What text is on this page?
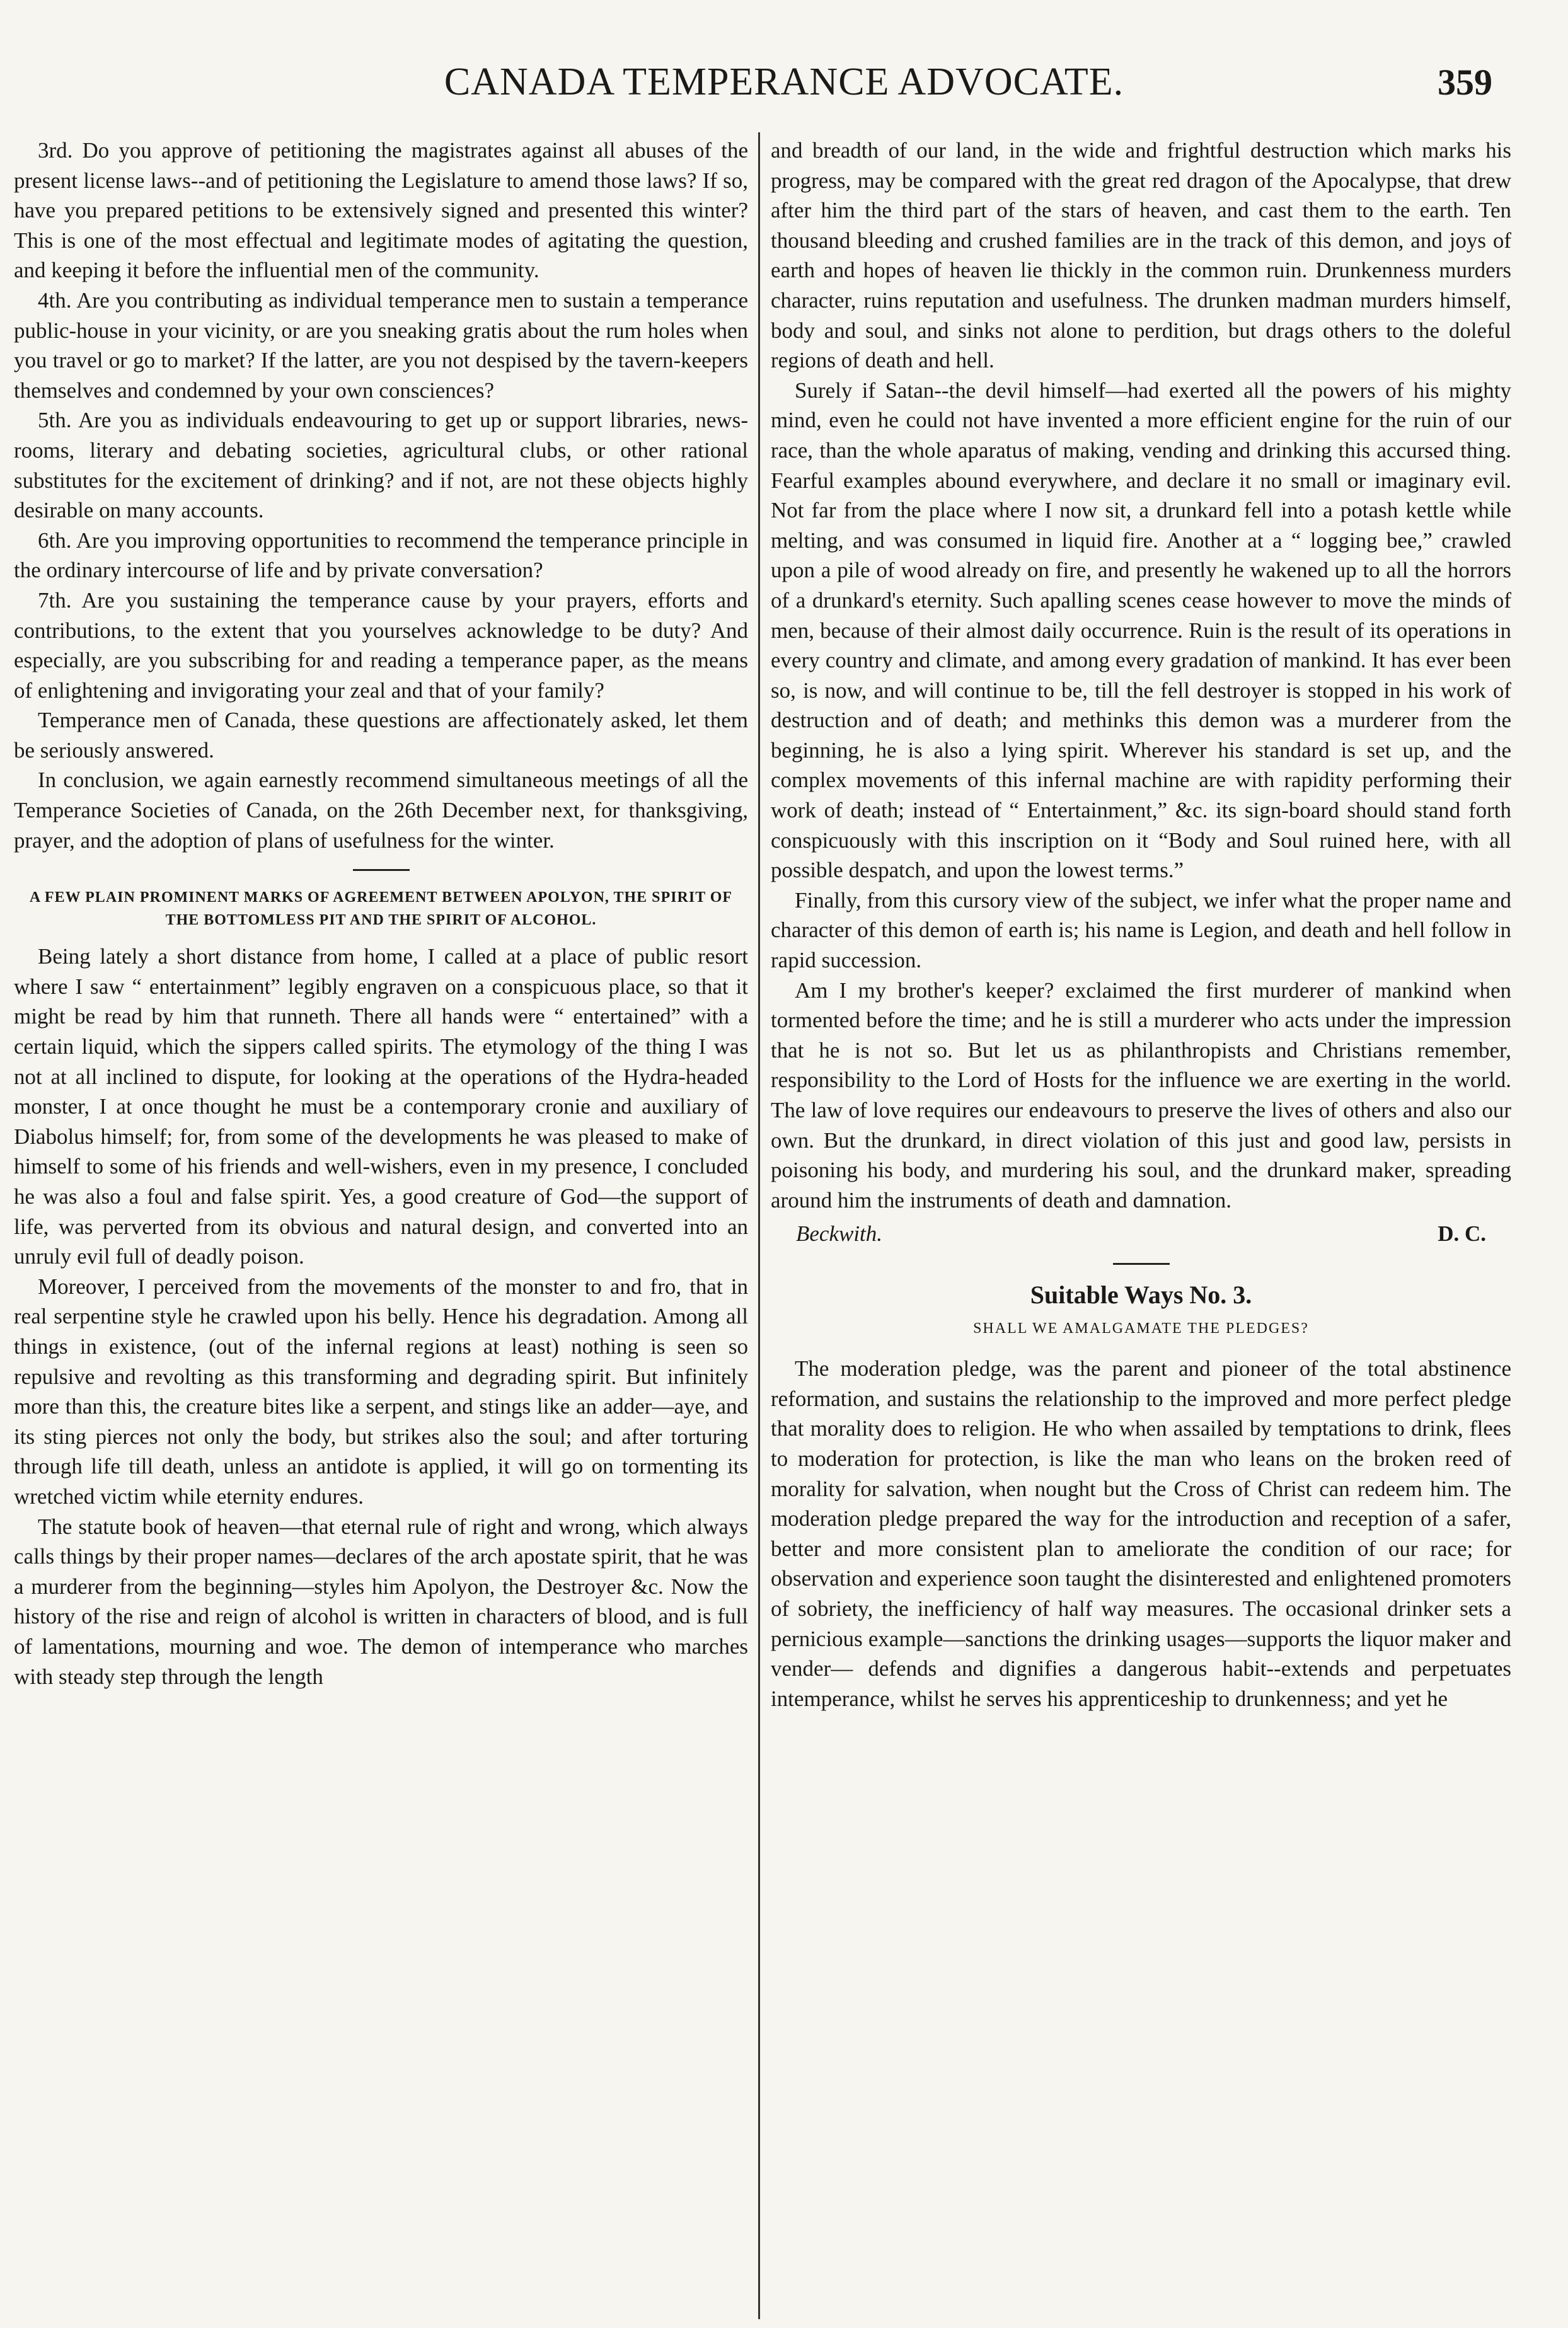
CANADA TEMPERANCE ADVOCATE.	359

3rd. Do you approve of petitioning the magistrates against all abuses of the present license laws--and of petitioning the Legislature to amend those laws? If so, have you prepared petitions to be extensively signed and presented this winter? This is one of the most effectual and legitimate modes of agitating the question, and keeping it before the influential men of the community.

4th. Are you contributing as individual temperance men to sustain a temperance public-house in your vicinity, or are you sneaking gratis about the rum holes when you travel or go to market? If the latter, are you not despised by the tavern-keepers themselves and condemned by your own consciences?

5th. Are you as individuals endeavouring to get up or support libraries, news-rooms, literary and debating societies, agricultural clubs, or other rational substitutes for the excitement of drinking? and if not, are not these objects highly desirable on many accounts.

6th. Are you improving opportunities to recommend the temperance principle in the ordinary intercourse of life and by private conversation?

7th. Are you sustaining the temperance cause by your prayers, efforts and contributions, to the extent that you yourselves acknowledge to be duty? And especially, are you subscribing for and reading a temperance paper, as the means of enlightening and invigorating your zeal and that of your family?

Temperance men of Canada, these questions are affectionately asked, let them be seriously answered.

In conclusion, we again earnestly recommend simultaneous meetings of all the Temperance Societies of Canada, on the 26th December next, for thanksgiving, prayer, and the adoption of plans of usefulness for the winter.

A FEW PLAIN PROMINENT MARKS OF AGREEMENT BETWEEN APOLYON, THE SPIRIT OF THE BOTTOMLESS PIT AND THE SPIRIT OF ALCOHOL.

Being lately a short distance from home, I called at a place of public resort where I saw “ entertainment” legibly engraven on a conspicuous place, so that it might be read by him that runneth. There all hands were “ entertained” with a certain liquid, which the sippers called spirits. The etymology of the thing I was not at all inclined to dispute, for looking at the operations of the Hydra-headed monster, I at once thought he must be a contemporary cronie and auxiliary of Diabolus himself; for, from some of the developments he was pleased to make of himself to some of his friends and well-wishers, even in my presence, I concluded he was also a foul and false spirit. Yes, a good creature of God—the support of life, was perverted from its obvious and natural design, and converted into an unruly evil full of deadly poison.

Moreover, I perceived from the movements of the monster to and fro, that in real serpentine style he crawled upon his belly. Hence his degradation. Among all things in existence, (out of the infernal regions at least) nothing is seen so repulsive and revolting as this transforming and degrading spirit. But infinitely more than this, the creature bites like a serpent, and stings like an adder—aye, and its sting pierces not only the body, but strikes also the soul; and after torturing through life till death, unless an antidote is applied, it will go on tormenting its wretched victim while eternity endures.

The statute book of heaven—that eternal rule of right and wrong, which always calls things by their proper names—declares of the arch apostate spirit, that he was a murderer from the beginning—styles him Apolyon, the Destroyer &c. Now the history of the rise and reign of alcohol is written in characters of blood, and is full of lamentations, mourning and woe. The demon of intemperance who marches with steady step through the length

and breadth of our land, in the wide and frightful destruction which marks his progress, may be compared with the great red dragon of the Apocalypse, that drew after him the third part of the stars of heaven, and cast them to the earth. Ten thousand bleeding and crushed families are in the track of this demon, and joys of earth and hopes of heaven lie thickly in the common ruin. Drunkenness murders character, ruins reputation and usefulness. The drunken madman murders himself, body and soul, and sinks not alone to perdition, but drags others to the doleful regions of death and hell.

Surely if Satan--the devil himself—had exerted all the powers of his mighty mind, even he could not have invented a more efficient engine for the ruin of our race, than the whole aparatus of making, vending and drinking this accursed thing. Fearful examples abound everywhere, and declare it no small or imaginary evil. Not far from the place where I now sit, a drunkard fell into a potash kettle while melting, and was consumed in liquid fire. Another at a “ logging bee,” crawled upon a pile of wood already on fire, and presently he wakened up to all the horrors of a drunkard's eternity. Such apalling scenes cease however to move the minds of men, because of their almost daily occurrence. Ruin is the result of its operations in every country and climate, and among every gradation of mankind. It has ever been so, is now, and will continue to be, till the fell destroyer is stopped in his work of destruction and of death; and methinks this demon was a murderer from the beginning, he is also a lying spirit. Wherever his standard is set up, and the complex movements of this infernal machine are with rapidity performing their work of death; instead of “ Entertainment,” &c. its sign-board should stand forth conspicuously with this inscription on it “Body and Soul ruined here, with all possible despatch, and upon the lowest terms.”

Finally, from this cursory view of the subject, we infer what the proper name and character of this demon of earth is; his name is Legion, and death and hell follow in rapid succession.

Am I my brother's keeper? exclaimed the first murderer of mankind when tormented before the time; and he is still a murderer who acts under the impression that he is not so. But let us as philanthropists and Christians remember, responsibility to the Lord of Hosts for the influence we are exerting in the world. The law of love requires our endeavours to preserve the lives of others and also our own. But the drunkard, in direct violation of this just and good law, persists in poisoning his body, and murdering his soul, and the drunkard maker, spreading around him the instruments of death and damnation.

Beckwith.	D. C.
Suitable Ways No. 3.
SHALL WE AMALGAMATE THE PLEDGES?

The moderation pledge, was the parent and pioneer of the total abstinence reformation, and sustains the relationship to the improved and more perfect pledge that morality does to religion. He who when assailed by temptations to drink, flees to moderation for protection, is like the man who leans on the broken reed of morality for salvation, when nought but the Cross of Christ can redeem him. The moderation pledge prepared the way for the introduction and reception of a safer, better and more consistent plan to ameliorate the condition of our race; for observation and experience soon taught the disinterested and enlightened promoters of sobriety, the inefficiency of half way measures. The occasional drinker sets a pernicious example—sanctions the drinking usages—supports the liquor maker and vender— defends and dignifies a dangerous habit--extends and perpetuates intemperance, whilst he serves his apprenticeship to drunkenness; and yet he
